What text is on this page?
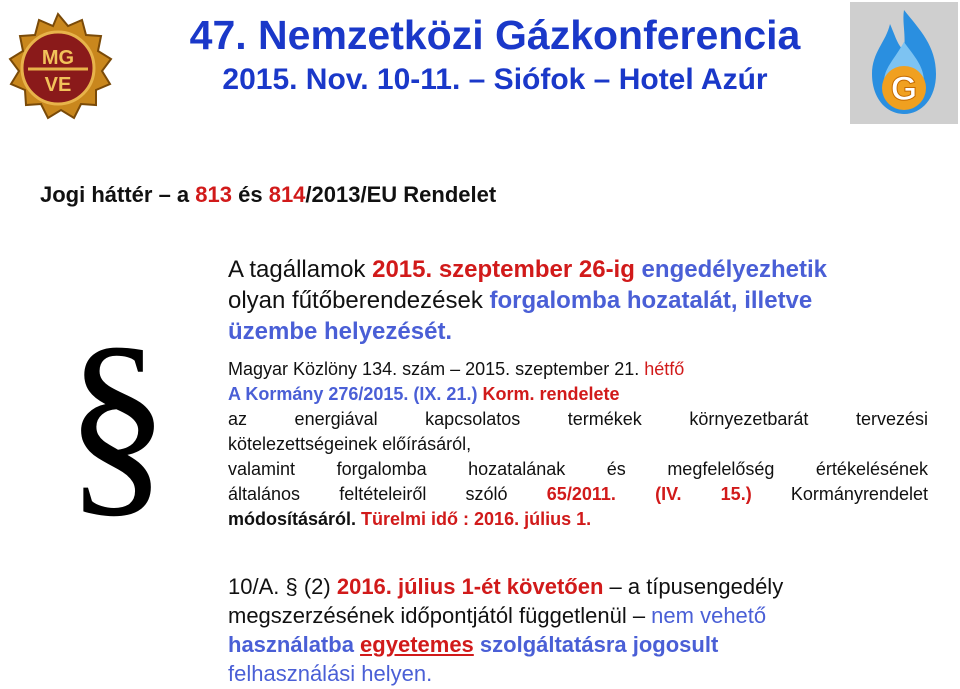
MG
VE	G
47. Nemzetközi Gázkonferencia
2015. Nov. 10-11. – Siófok – Hotel Azúr
Jogi háttér – a 813 és 814/2013/EU Rendelet
§
A tagállamok 2015. szeptember 26-ig engedélyezhetik
olyan fűtőberendezések forgalomba hozatalát, illetve
üzembe helyezését.
Magyar Közlöny 134. szám – 2015. szeptember 21. hétfő
A Kormány 276/2015. (IX. 21.) Korm. rendelete
az energiával kapcsolatos termékek környezetbarát tervezési
kötelezettségeinek előírásáról,
valamint forgalomba hozatalának és megfelelőség értékelésének
általános feltételeiről szóló 65/2011. (IV. 15.) Kormányrendelet
módosításáról. Türelmi idő : 2016. július 1.
10/A. § (2) 2016. július 1-ét követően – a típusengedély
megszerzésének időpontjától függetlenül – nem vehető
használatba egyetemes szolgáltatásra jogosult
felhasználási helyen.
